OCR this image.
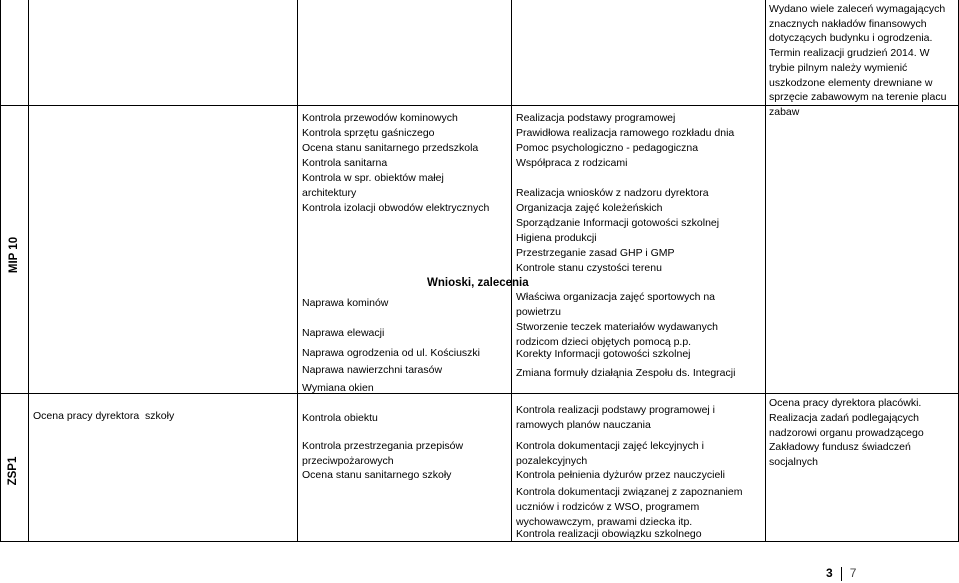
MIP 10
ZSP1
Wydano wiele zaleceń wymagających znacznych nakładów finansowych dotyczących budynku i ogrodzenia. Termin realizacji grudzień 2014. W trybie pilnym należy wymienić uszkodzone elementy drewniane w sprzęcie zabawowym na terenie placu zabaw
Kontrola przewodów kominowych
Kontrola sprzętu gaśniczego
Ocena stanu sanitarnego przedszkola
Kontrola sanitarna
Kontrola w spr. obiektów małej architektury
Kontrola izolacji obwodów elektrycznych
Realizacja podstawy programowej
Prawidłowa realizacja ramowego rozkładu dnia
Pomoc psychologiczno - pedagogiczna
Współpraca z rodzicami
Realizacja wniosków z nadzoru dyrektora
Organizacja zajęć koleżeńskich
Sporządzanie Informacji gotowości szkolnej
Higiena produkcji
Przestrzeganie zasad GHP i GMP
Kontrole stanu czystości terenu
Wnioski, zalecenia
Naprawa kominów
Naprawa elewacji
Naprawa ogrodzenia od ul. Kościuszki
Naprawa nawierzchni tarasów
Wymiana okien
Właściwa organizacja zajęć sportowych na powietrzu
Stworzenie teczek materiałów wydawanych rodzicom dzieci objętych pomocą p.p.
Korekty Informacji gotowości szkolnej
Zmiana formuły działąnia Zespołu ds. Integracji
Ocena pracy dyrektora  szkoły	Kontrola obiektu
Kontrola przestrzegania przepisów przeciwpożarowych
Ocena stanu sanitarnego szkoły
Kontrola realizacji podstawy programowej i ramowych planów nauczania
Kontrola dokumentacji zajęć lekcyjnych i pozalekcyjnych
Kontrola pełnienia dyżurów przez nauczycieli
Kontrola dokumentacji związanej z zapoznaniem uczniów i rodziców z WSO, programem wychowawczym, prawami dziecka itp.
Kontrola realizacji obowiązku szkolnego
Ocena pracy dyrektora placówki.
Realizacja zadań podlegających nadzorowi organu prowadzącego
Zakładowy fundusz świadczeń socjalnych
3 7
